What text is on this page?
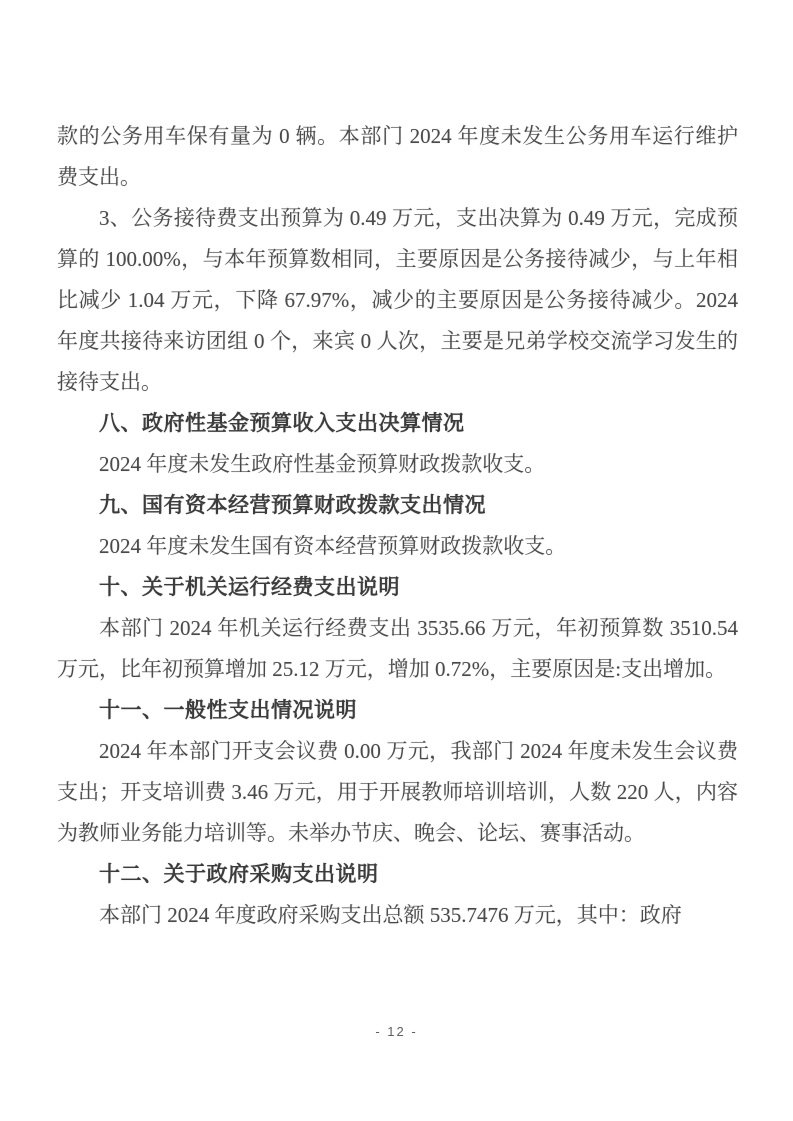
款的公务用车保有量为 0 辆。本部门 2024 年度未发生公务用车运行维护费支出。

3、公务接待费支出预算为 0.49 万元，支出决算为 0.49 万元，完成预算的 100.00%，与本年预算数相同，主要原因是公务接待减少，与上年相比减少 1.04 万元，下降 67.97%，减少的主要原因是公务接待减少。2024 年度共接待来访团组 0 个，来宾 0 人次，主要是兄弟学校交流学习发生的接待支出。

八、政府性基金预算收入支出决算情况

2024 年度未发生政府性基金预算财政拨款收支。

九、国有资本经营预算财政拨款支出情况

2024 年度未发生国有资本经营预算财政拨款收支。

十、关于机关运行经费支出说明

本部门 2024 年机关运行经费支出 3535.66 万元，年初预算数 3510.54 万元，比年初预算增加 25.12 万元，增加 0.72%，主要原因是:支出增加。

十一、一般性支出情况说明

2024 年本部门开支会议费 0.00 万元，我部门 2024 年度未发生会议费支出；开支培训费 3.46 万元，用于开展教师培训培训，人数 220 人，内容为教师业务能力培训等。未举办节庆、晚会、论坛、赛事活动。

十二、关于政府采购支出说明

本部门 2024 年度政府采购支出总额 535.7476 万元，其中：政府

- 12 -
